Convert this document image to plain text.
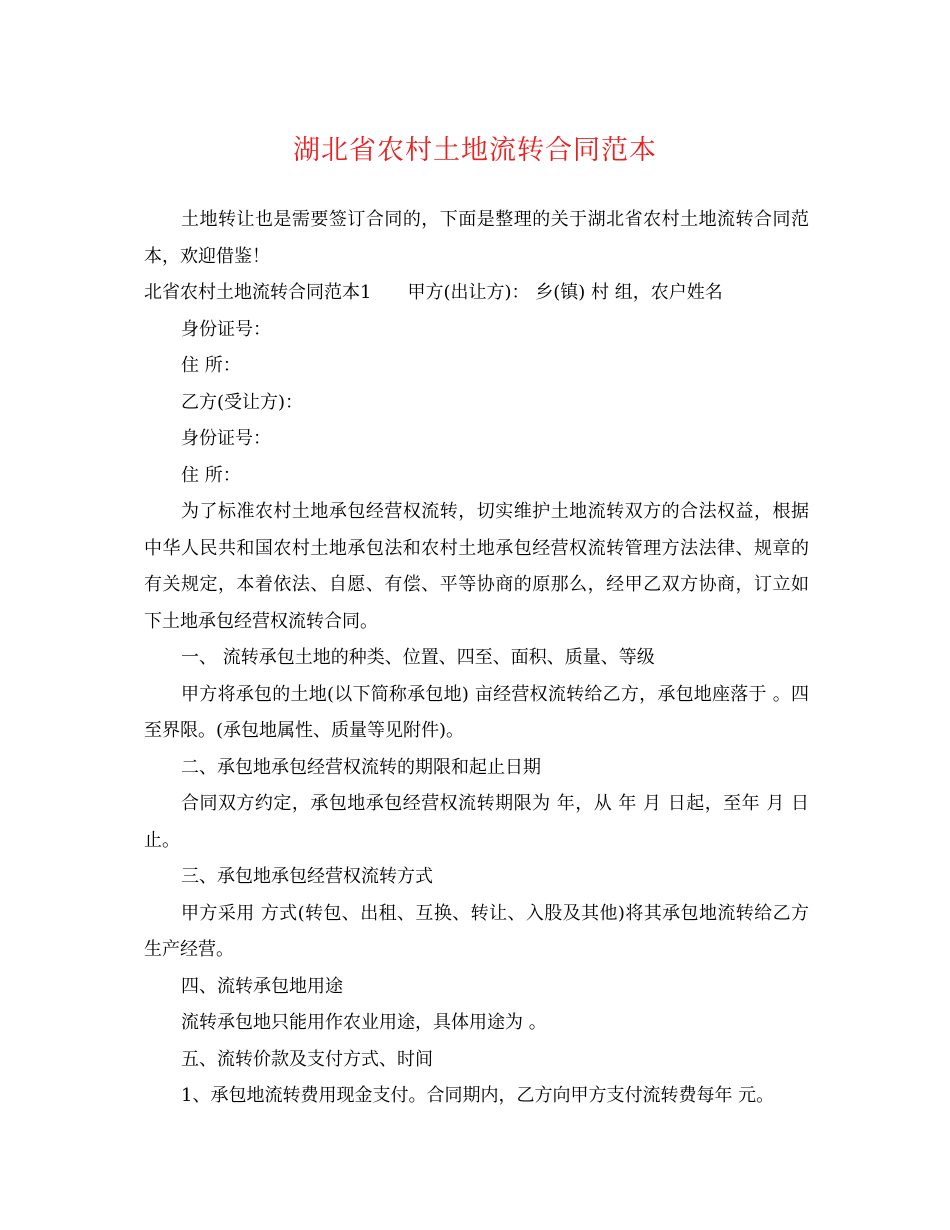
湖北省农村土地流转合同范本

土地转让也是需要签订合同的，下面是整理的关于湖北省农村土地流转合同范本，欢迎借鉴！

北省农村土地流转合同范本1　　甲方(出让方)： 乡(镇) 村 组，农户姓名

身份证号：

住 所：

乙方(受让方)：

身份证号：

住 所：

为了标准农村土地承包经营权流转，切实维护土地流转双方的合法权益，根据中华人民共和国农村土地承包法和农村土地承包经营权流转管理方法法律、规章的有关规定，本着依法、自愿、有偿、平等协商的原那么，经甲乙双方协商，订立如下土地承包经营权流转合同。

一、 流转承包土地的种类、位置、四至、面积、质量、等级

甲方将承包的土地(以下简称承包地) 亩经营权流转给乙方，承包地座落于 。四至界限。(承包地属性、质量等见附件)。

二、承包地承包经营权流转的期限和起止日期

合同双方约定，承包地承包经营权流转期限为 年，从 年 月 日起，至年 月 日止。

三、承包地承包经营权流转方式

甲方采用 方式(转包、出租、互换、转让、入股及其他)将其承包地流转给乙方生产经营。

四、流转承包地用途

流转承包地只能用作农业用途，具体用途为 。

五、流转价款及支付方式、时间

1、承包地流转费用现金支付。合同期内，乙方向甲方支付流转费每年 元。
